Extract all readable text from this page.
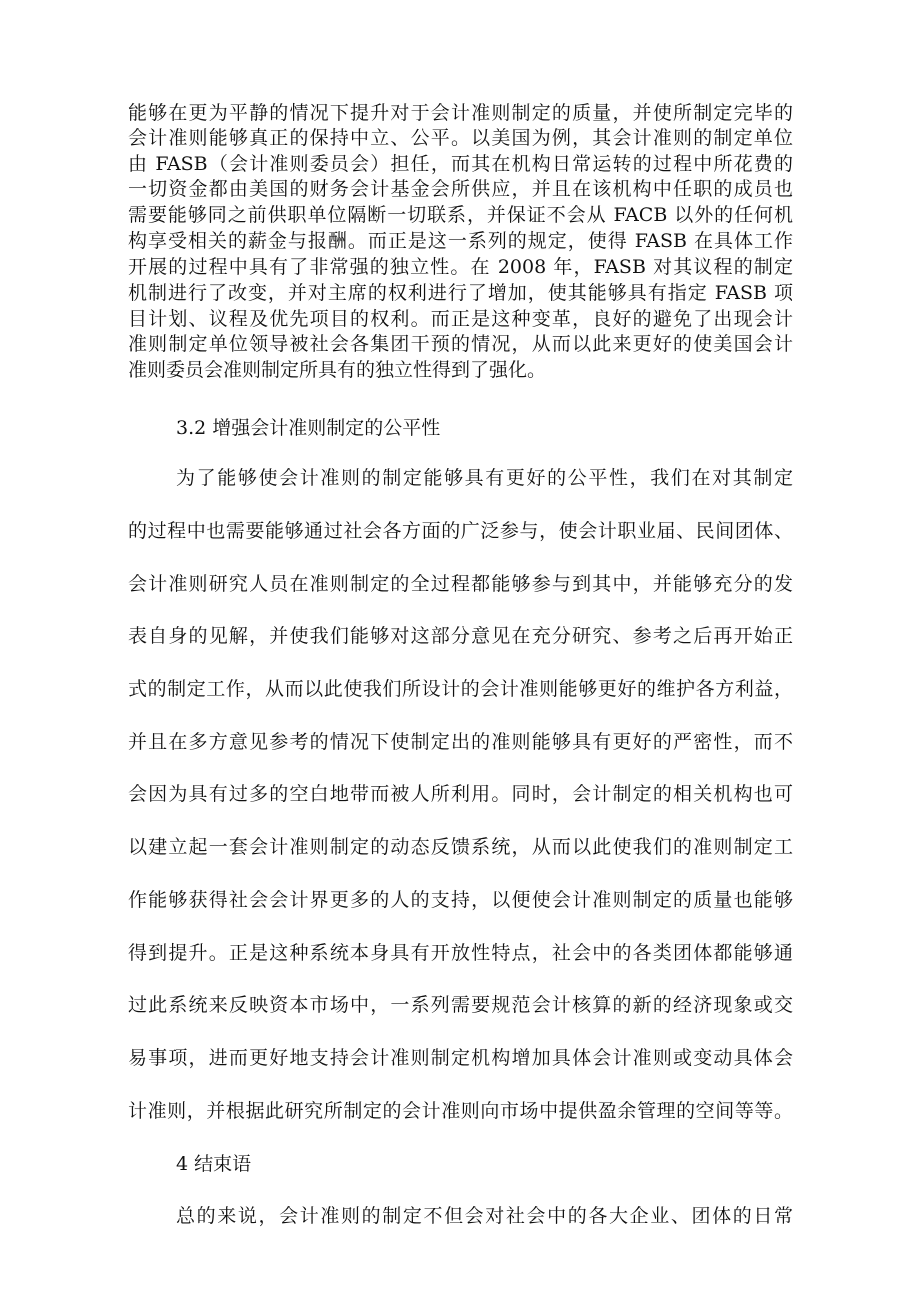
能够在更为平静的情况下提升对于会计准则制定的质量，并使所制定完毕的
会计准则能够真正的保持中立、公平。以美国为例，其会计准则的制定单位
由 FASB（会计准则委员会）担任，而其在机构日常运转的过程中所花费的
一切资金都由美国的财务会计基金会所供应，并且在该机构中任职的成员也
需要能够同之前供职单位隔断一切联系，并保证不会从 FACB 以外的任何机
构享受相关的薪金与报酬。而正是这一系列的规定，使得 FASB 在具体工作
开展的过程中具有了非常强的独立性。在 2008 年，FASB 对其议程的制定
机制进行了改变，并对主席的权利进行了增加，使其能够具有指定 FASB 项
目计划、议程及优先项目的权利。而正是这种变革，良好的避免了出现会计
准则制定单位领导被社会各集团干预的情况，从而以此来更好的使美国会计
准则委员会准则制定所具有的独立性得到了强化。
3.2 增强会计准则制定的公平性
为了能够使会计准则的制定能够具有更好的公平性，我们在对其制定
的过程中也需要能够通过社会各方面的广泛参与，使会计职业届、民间团体、
会计准则研究人员在准则制定的全过程都能够参与到其中，并能够充分的发
表自身的见解，并使我们能够对这部分意见在充分研究、参考之后再开始正
式的制定工作，从而以此使我们所设计的会计准则能够更好的维护各方利益，
并且在多方意见参考的情况下使制定出的准则能够具有更好的严密性，而不
会因为具有过多的空白地带而被人所利用。同时，会计制定的相关机构也可
以建立起一套会计准则制定的动态反馈系统，从而以此使我们的准则制定工
作能够获得社会会计界更多的人的支持，以便使会计准则制定的质量也能够
得到提升。正是这种系统本身具有开放性特点，社会中的各类团体都能够通
过此系统来反映资本市场中，一系列需要规范会计核算的新的经济现象或交
易事项，进而更好地支持会计准则制定机构增加具体会计准则或变动具体会
计准则，并根据此研究所制定的会计准则向市场中提供盈余管理的空间等等。
4 结束语
总的来说，会计准则的制定不但会对社会中的各大企业、团体的日常
